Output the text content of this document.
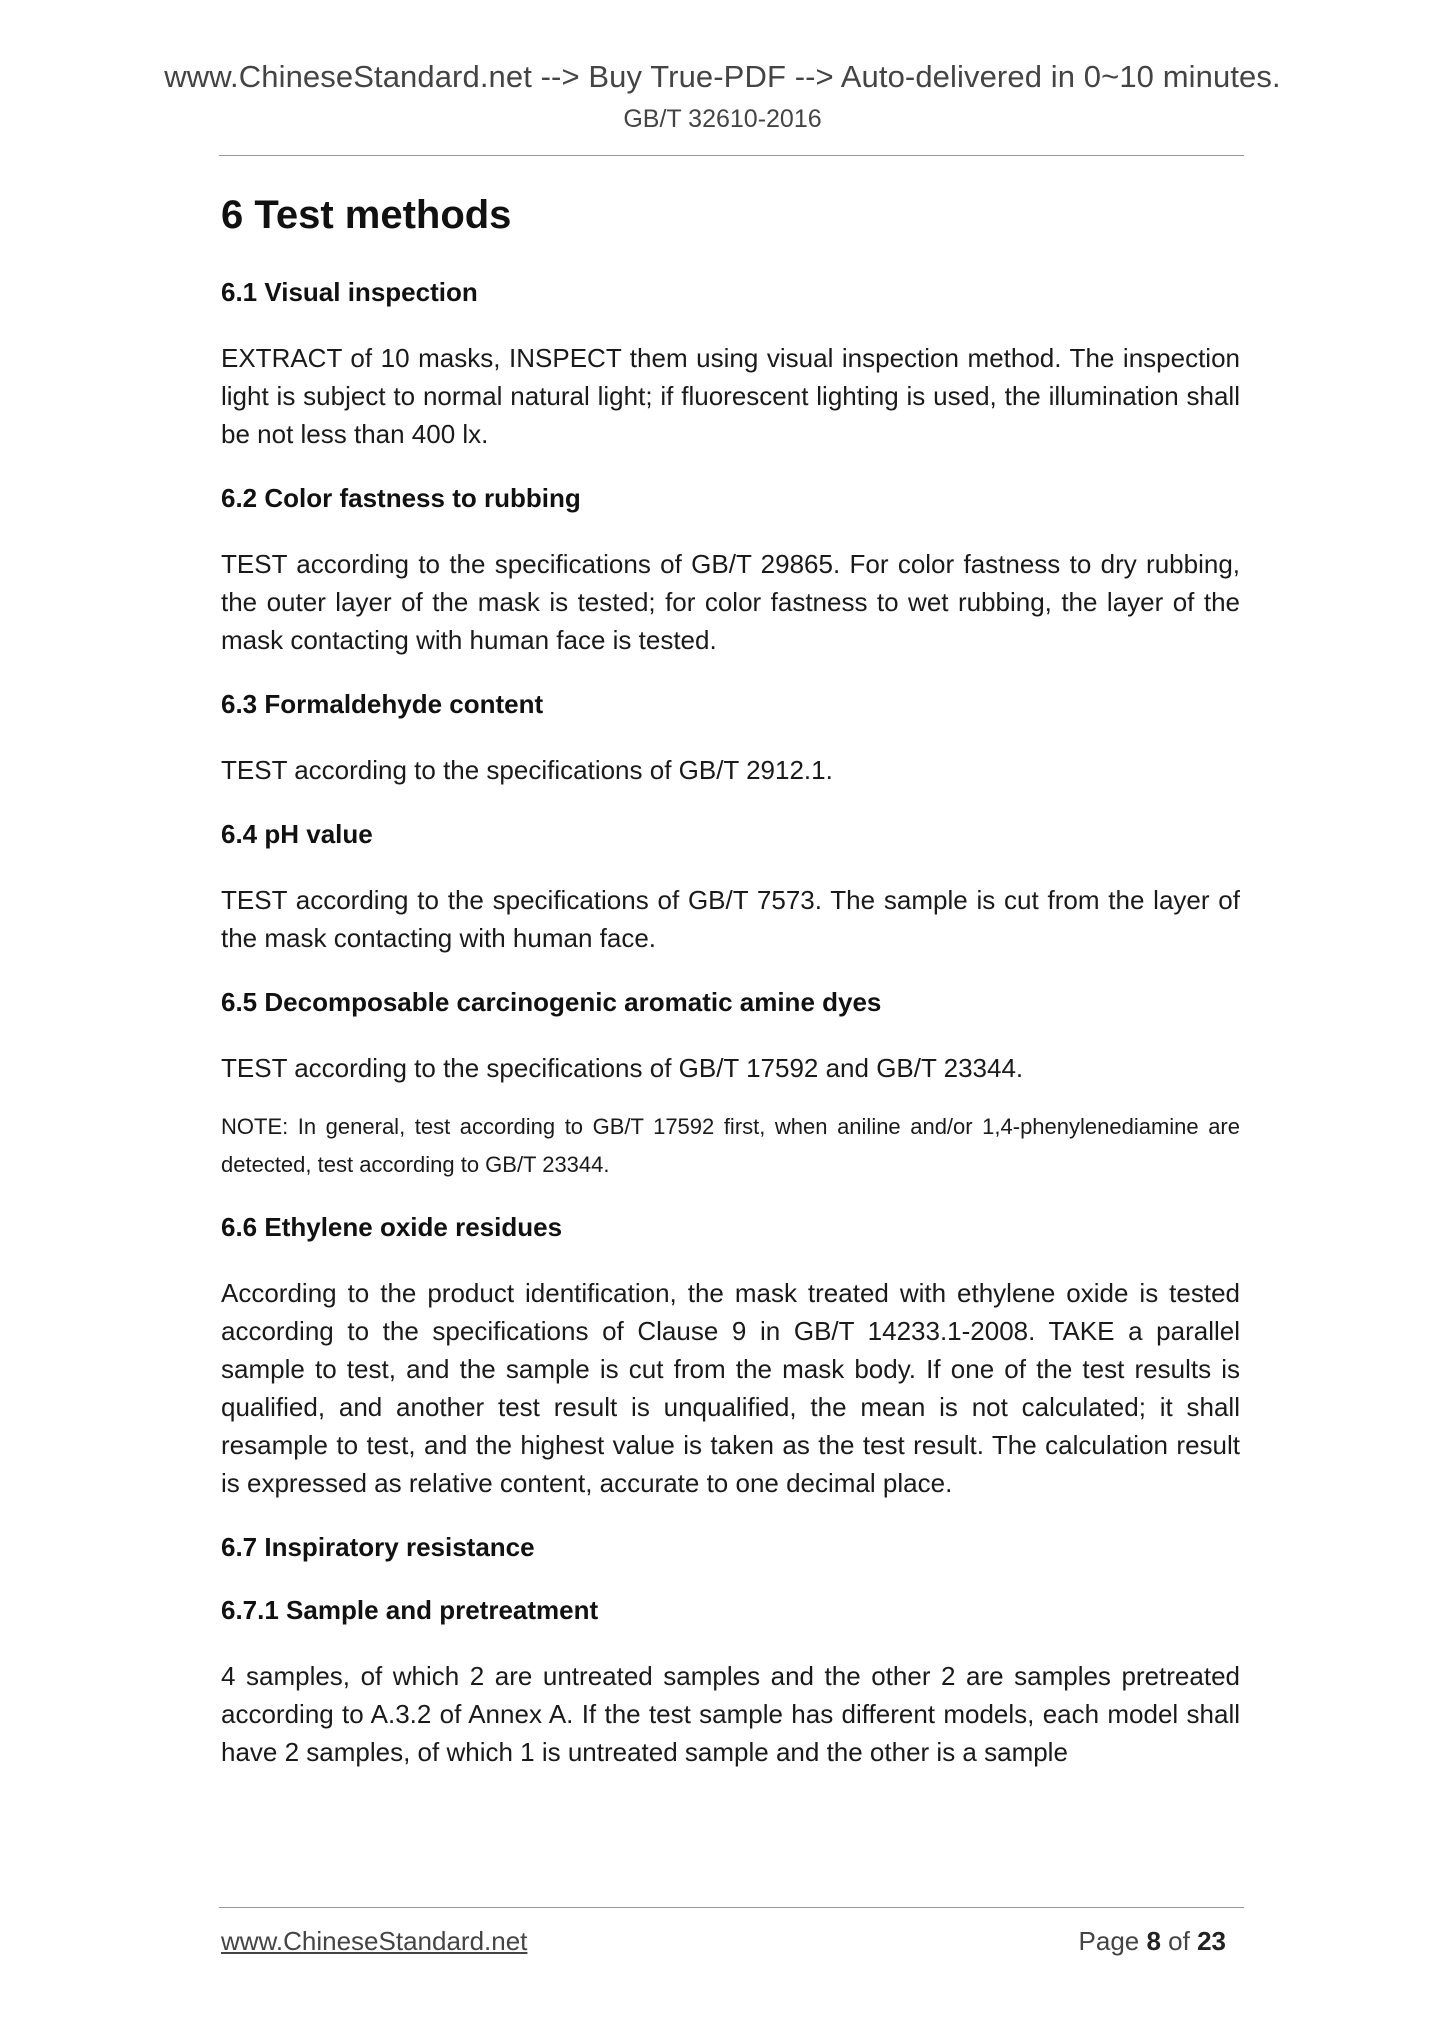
www.ChineseStandard.net --> Buy True-PDF --> Auto-delivered in 0~10 minutes.
GB/T 32610-2016
6 Test methods
6.1 Visual inspection
EXTRACT of 10 masks, INSPECT them using visual inspection method. The inspection light is subject to normal natural light; if fluorescent lighting is used, the illumination shall be not less than 400 lx.
6.2 Color fastness to rubbing
TEST according to the specifications of GB/T 29865. For color fastness to dry rubbing, the outer layer of the mask is tested; for color fastness to wet rubbing, the layer of the mask contacting with human face is tested.
6.3 Formaldehyde content
TEST according to the specifications of GB/T 2912.1.
6.4 pH value
TEST according to the specifications of GB/T 7573. The sample is cut from the layer of the mask contacting with human face.
6.5 Decomposable carcinogenic aromatic amine dyes
TEST according to the specifications of GB/T 17592 and GB/T 23344.
NOTE: In general, test according to GB/T 17592 first, when aniline and/or 1,4-phenylenediamine are detected, test according to GB/T 23344.
6.6 Ethylene oxide residues
According to the product identification, the mask treated with ethylene oxide is tested according to the specifications of Clause 9 in GB/T 14233.1-2008. TAKE a parallel sample to test, and the sample is cut from the mask body. If one of the test results is qualified, and another test result is unqualified, the mean is not calculated; it shall resample to test, and the highest value is taken as the test result. The calculation result is expressed as relative content, accurate to one decimal place.
6.7 Inspiratory resistance
6.7.1 Sample and pretreatment
4 samples, of which 2 are untreated samples and the other 2 are samples pretreated according to A.3.2 of Annex A. If the test sample has different models, each model shall have 2 samples, of which 1 is untreated sample and the other is a sample
www.ChineseStandard.net	Page 8 of 23
